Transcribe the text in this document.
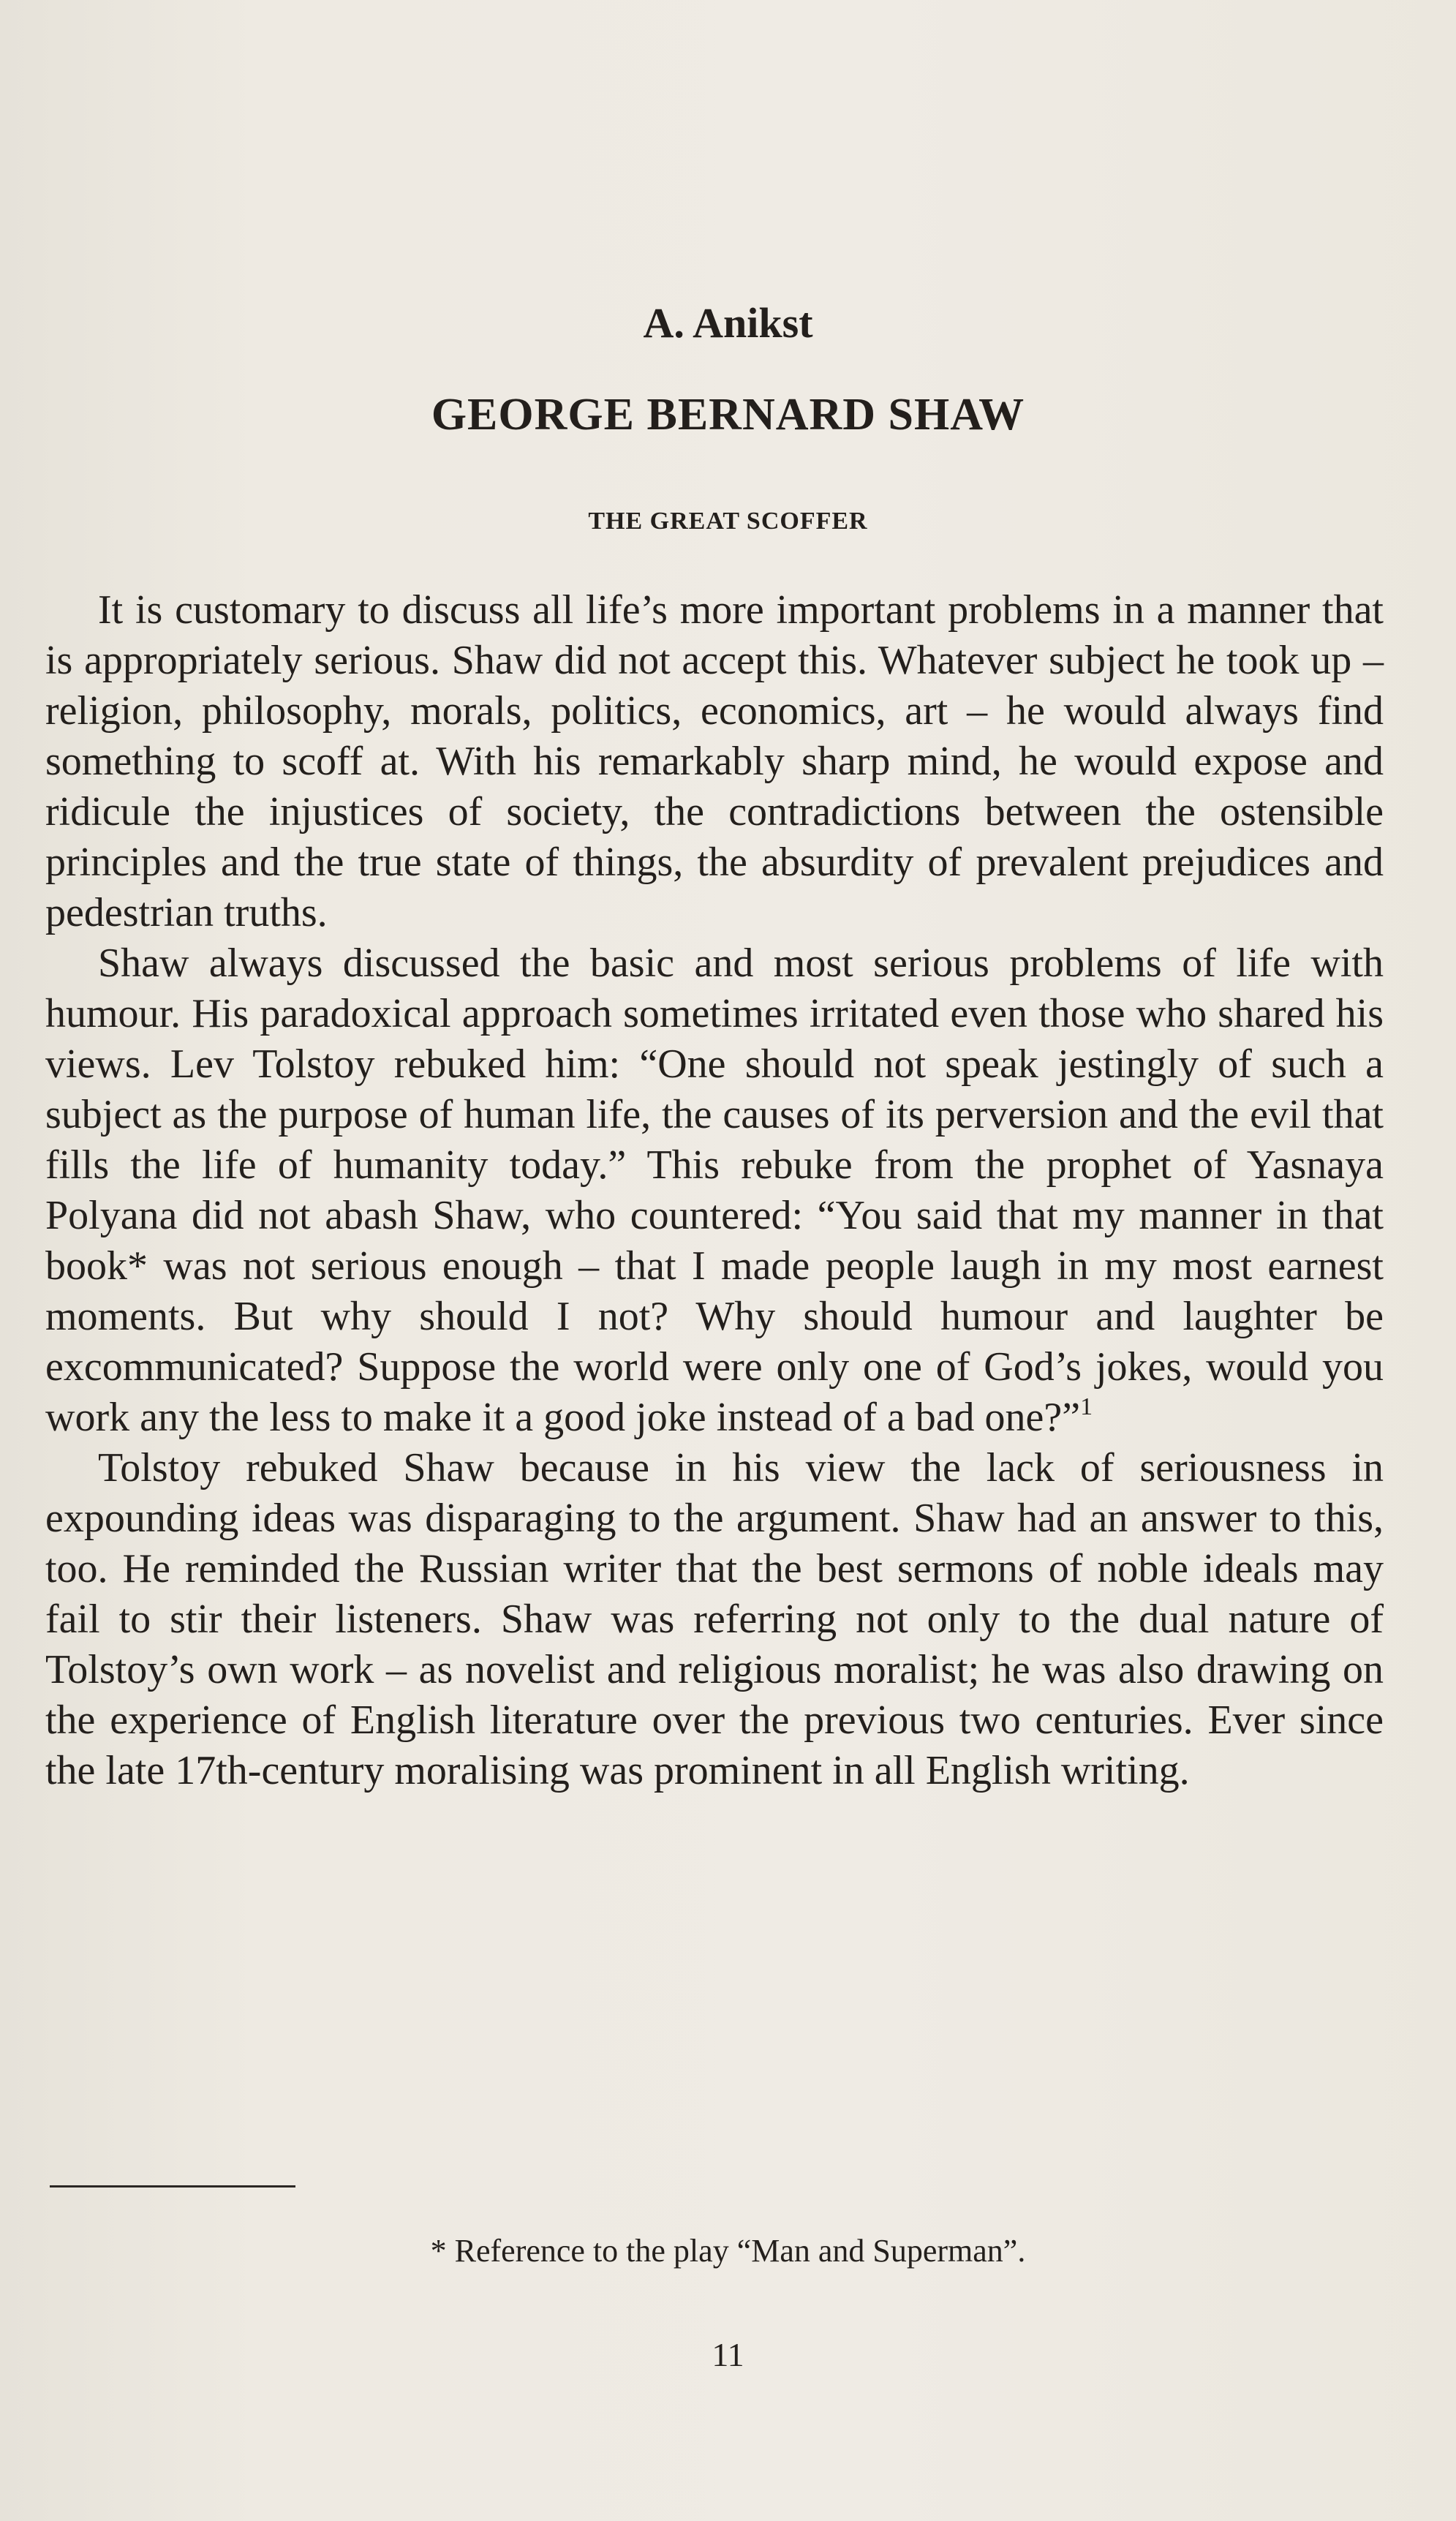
A. Anikst
GEORGE BERNARD SHAW
THE GREAT SCOFFER

It is customary to discuss all life’s more important problems in a manner that is appropriately serious. Shaw did not accept this. Whatever subject he took up – religion, philosophy, morals, politics, economics, art – he would always find something to scoff at. With his remarkably sharp mind, he would expose and ridicule the injustices of society, the contradictions between the ostensible principles and the true state of things, the absurdity of prevalent prejudices and pedestrian truths.

Shaw always discussed the basic and most serious problems of life with humour. His paradoxical approach sometimes irritated even those who shared his views. Lev Tolstoy rebuked him: “One should not speak jestingly of such a subject as the purpose of human life, the causes of its perversion and the evil that fills the life of humanity today.” This rebuke from the prophet of Yasnaya Polyana did not abash Shaw, who countered: “You said that my manner in that book* was not serious enough – that I made people laugh in my most earnest moments. But why should I not? Why should humour and laughter be excommunicated? Suppose the world were only one of God’s jokes, would you work any the less to make it a good joke instead of a bad one?”$^1$

Tolstoy rebuked Shaw because in his view the lack of seriousness in expounding ideas was disparaging to the argument. Shaw had an answer to this, too. He reminded the Russian writer that the best sermons of noble ideals may fail to stir their listeners. Shaw was referring not only to the dual nature of Tolstoy’s own work – as novelist and religious moralist; he was also drawing on the experience of English literature over the previous two centuries. Ever since the late 17th-century moralising was prominent in all English writing.

* Reference to the play “Man and Superman”.
11
